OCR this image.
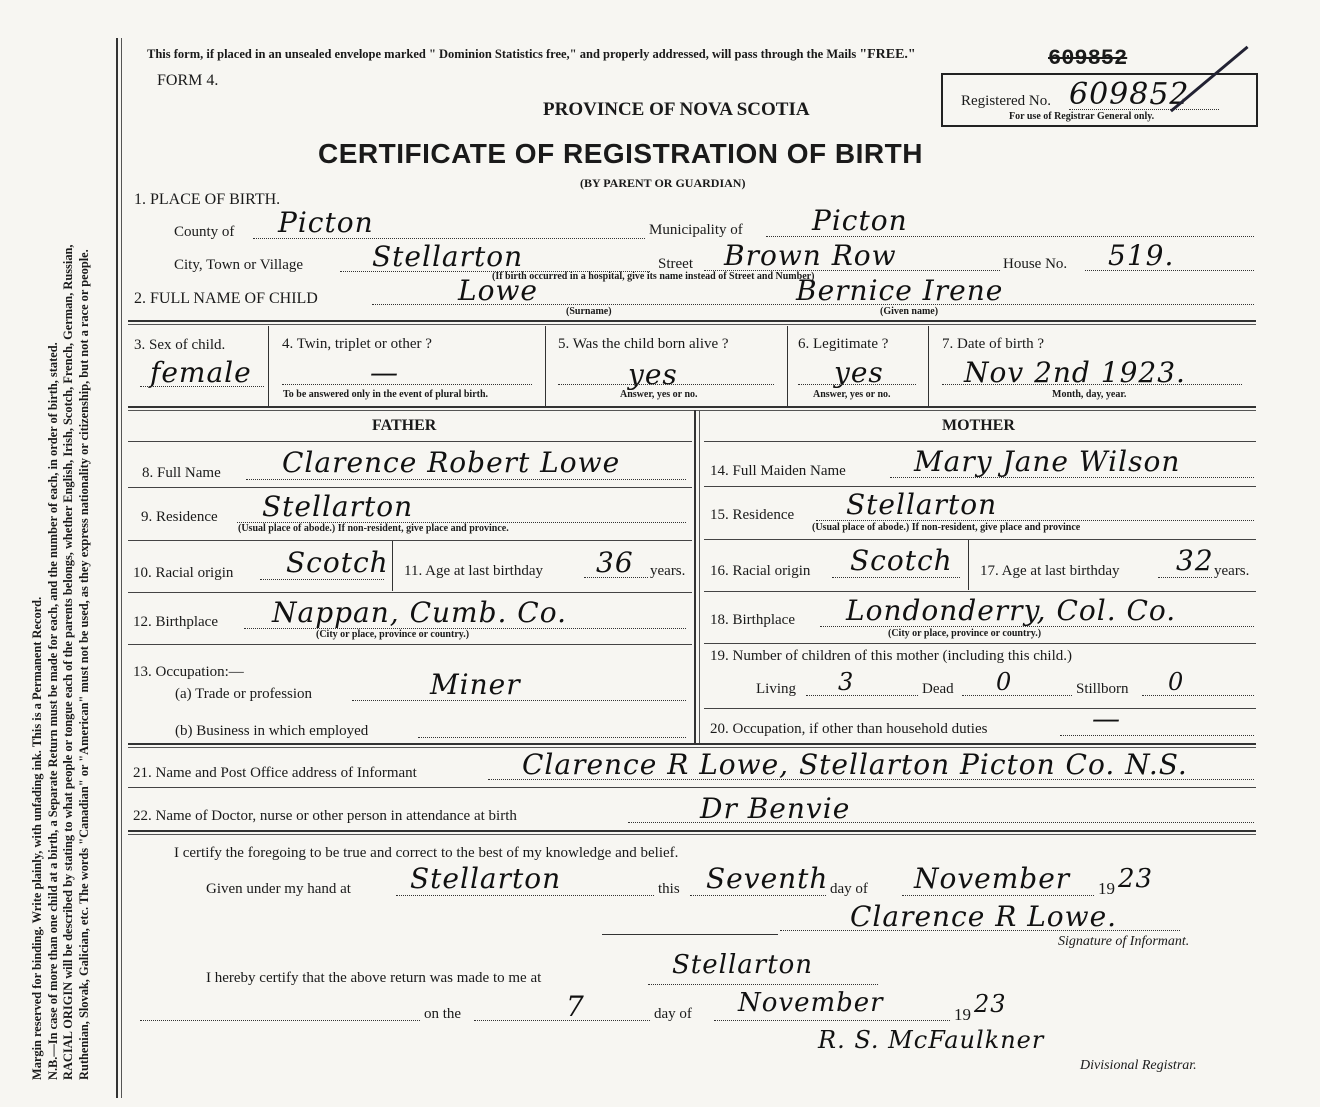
Margin reserved for binding. Write plainly, with unfading ink. This is a Permanent Record. N.B.—In case of more than one child at a birth, a Separate Return must be made for each, and the number of each, in order of birth, stated. RACIAL ORIGIN will be described by stating to what people or tongue each of the parents belongs, whether English, Irish, Scotch, French, German, Russian, Ruthenian, Slovak, Galician, etc. The words "Canadian" or "American" must not be used, as they express nationality or citizenship, but not a race or people.
This form, if placed in an unsealed envelope marked " Dominion Statistics free," and properly addressed, will pass through the Mails "FREE."	609852
FORM 4.
PROVINCE OF NOVA SCOTIA
CERTIFICATE OF REGISTRATION OF BIRTH
(BY PARENT OR GUARDIAN)
Registered No. 609852
For use of Registrar General only.
1. PLACE OF BIRTH.
County of Picton	Municipality of Picton
City, Town or Village Stellarton	Street Brown Row	House No. 519.
(If birth occurred in a hospital, give its name instead of Street and Number)
2. FULL NAME OF CHILD	Lowe
(Surname)
Bernice Irene
(Given name)
3. Sex of child.
female
4. Twin, triplet or other ?
—
To be answered only in the event of plural birth.
5. Was the child born alive ?
yes
Answer, yes or no.
6. Legitimate ?
yes
Answer, yes or no.
7. Date of birth ?
Nov 2nd 1923.
Month, day, year.
FATHER	MOTHER
8. Full Name Clarence Robert Lowe
9. Residence Stellarton
(Usual place of abode.) If non-resident, give place and province.
10. Racial origin Scotch 11. Age at last birthday 36 years.
12. Birthplace Nappan, Cumb. Co.
(City or place, province or country.)
13. Occupation:—
(a) Trade or profession	Miner
(b) Business in which employed
14. Full Maiden Name Mary Jane Wilson
15. Residence Stellarton
(Usual place of abode.) If non-resident, give place and province
16. Racial origin Scotch 17. Age at last birthday 32 years.
18. Birthplace Londonderry, Col. Co.
(City or place, province or country.)
19. Number of children of this mother (including this child.)
Living 3	Dead 0	Stillborn 0
20. Occupation, if other than household duties	—
21. Name and Post Office address of Informant	Clarence R Lowe, Stellarton Picton Co. N.S.
22. Name of Doctor, nurse or other person in attendance at birth	Dr Benvie
I certify the foregoing to be true and correct to the best of my knowledge and belief.
Given under my hand at Stellarton	this Seventh day of November 19 23
Clarence R Lowe.
Signature of Informant.
I hereby certify that the above return was made to me at	Stellarton
on the	7	day of November	19 23
R. S. McFaulkner
Divisional Registrar.
